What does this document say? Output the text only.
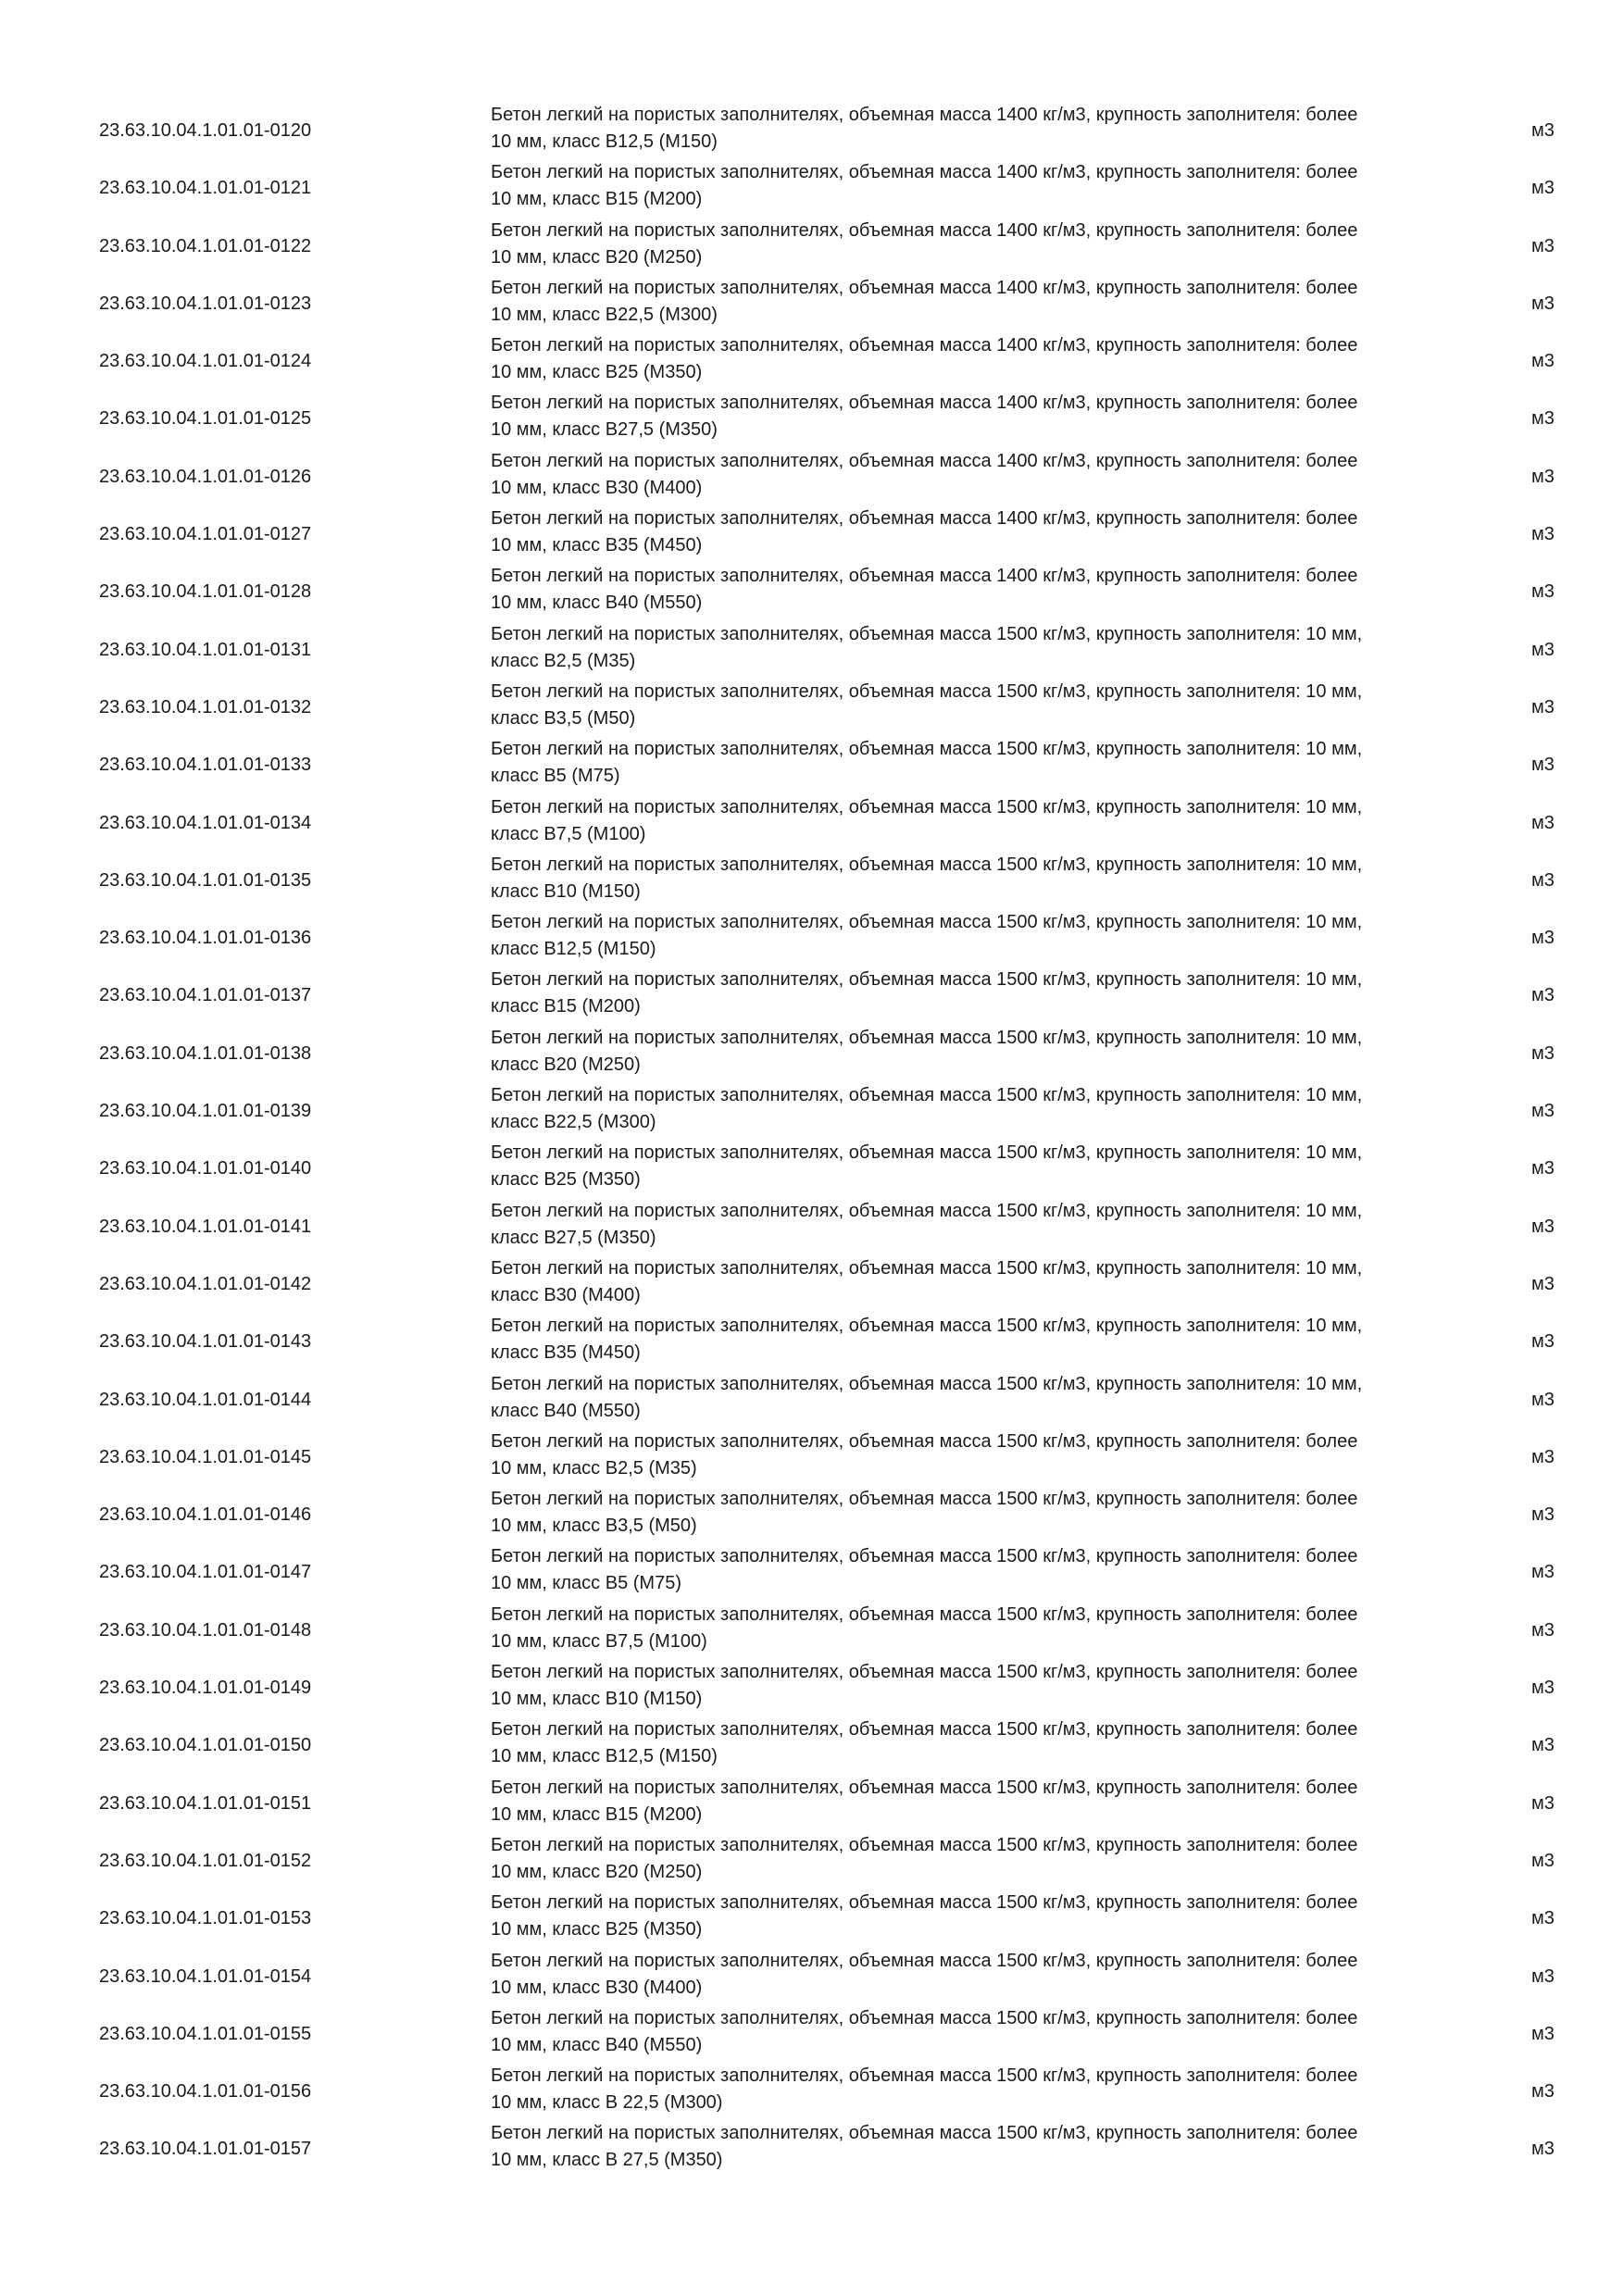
23.63.10.04.1.01.01-0120
Бетон легкий на пористых заполнителях, объемная масса 1400 кг/м3, крупность заполнителя: более
10 мм, класс В12,5 (М150)
м3
23.63.10.04.1.01.01-0121
Бетон легкий на пористых заполнителях, объемная масса 1400 кг/м3, крупность заполнителя: более
10 мм, класс В15 (М200)
м3
23.63.10.04.1.01.01-0122
Бетон легкий на пористых заполнителях, объемная масса 1400 кг/м3, крупность заполнителя: более
10 мм, класс В20 (М250)
м3
23.63.10.04.1.01.01-0123
Бетон легкий на пористых заполнителях, объемная масса 1400 кг/м3, крупность заполнителя: более
10 мм, класс В22,5 (М300)
м3
23.63.10.04.1.01.01-0124
Бетон легкий на пористых заполнителях, объемная масса 1400 кг/м3, крупность заполнителя: более
10 мм, класс В25 (М350)
м3
23.63.10.04.1.01.01-0125
Бетон легкий на пористых заполнителях, объемная масса 1400 кг/м3, крупность заполнителя: более
10 мм, класс В27,5 (М350)
м3
23.63.10.04.1.01.01-0126
Бетон легкий на пористых заполнителях, объемная масса 1400 кг/м3, крупность заполнителя: более
10 мм, класс В30 (М400)
м3
23.63.10.04.1.01.01-0127
Бетон легкий на пористых заполнителях, объемная масса 1400 кг/м3, крупность заполнителя: более
10 мм, класс В35 (М450)
м3
23.63.10.04.1.01.01-0128
Бетон легкий на пористых заполнителях, объемная масса 1400 кг/м3, крупность заполнителя: более
10 мм, класс В40 (М550)
м3
23.63.10.04.1.01.01-0131
Бетон легкий на пористых заполнителях, объемная масса 1500 кг/м3, крупность заполнителя: 10 мм,
класс В2,5 (М35)
м3
23.63.10.04.1.01.01-0132
Бетон легкий на пористых заполнителях, объемная масса 1500 кг/м3, крупность заполнителя: 10 мм,
класс В3,5 (М50)
м3
23.63.10.04.1.01.01-0133
Бетон легкий на пористых заполнителях, объемная масса 1500 кг/м3, крупность заполнителя: 10 мм,
класс В5 (М75)
м3
23.63.10.04.1.01.01-0134
Бетон легкий на пористых заполнителях, объемная масса 1500 кг/м3, крупность заполнителя: 10 мм,
класс В7,5 (М100)
м3
23.63.10.04.1.01.01-0135
Бетон легкий на пористых заполнителях, объемная масса 1500 кг/м3, крупность заполнителя: 10 мм,
класс В10 (М150)
м3
23.63.10.04.1.01.01-0136
Бетон легкий на пористых заполнителях, объемная масса 1500 кг/м3, крупность заполнителя: 10 мм,
класс В12,5 (М150)
м3
23.63.10.04.1.01.01-0137
Бетон легкий на пористых заполнителях, объемная масса 1500 кг/м3, крупность заполнителя: 10 мм,
класс В15 (М200)
м3
23.63.10.04.1.01.01-0138
Бетон легкий на пористых заполнителях, объемная масса 1500 кг/м3, крупность заполнителя: 10 мм,
класс В20 (М250)
м3
23.63.10.04.1.01.01-0139
Бетон легкий на пористых заполнителях, объемная масса 1500 кг/м3, крупность заполнителя: 10 мм,
класс В22,5 (М300)
м3
23.63.10.04.1.01.01-0140
Бетон легкий на пористых заполнителях, объемная масса 1500 кг/м3, крупность заполнителя: 10 мм,
класс В25 (М350)
м3
23.63.10.04.1.01.01-0141
Бетон легкий на пористых заполнителях, объемная масса 1500 кг/м3, крупность заполнителя: 10 мм,
класс В27,5 (М350)
м3
23.63.10.04.1.01.01-0142
Бетон легкий на пористых заполнителях, объемная масса 1500 кг/м3, крупность заполнителя: 10 мм,
класс В30 (М400)
м3
23.63.10.04.1.01.01-0143
Бетон легкий на пористых заполнителях, объемная масса 1500 кг/м3, крупность заполнителя: 10 мм,
класс В35 (М450)
м3
23.63.10.04.1.01.01-0144
Бетон легкий на пористых заполнителях, объемная масса 1500 кг/м3, крупность заполнителя: 10 мм,
класс В40 (М550)
м3
23.63.10.04.1.01.01-0145
Бетон легкий на пористых заполнителях, объемная масса 1500 кг/м3, крупность заполнителя: более
10 мм, класс В2,5 (М35)
м3
23.63.10.04.1.01.01-0146
Бетон легкий на пористых заполнителях, объемная масса 1500 кг/м3, крупность заполнителя: более
10 мм, класс В3,5 (М50)
м3
23.63.10.04.1.01.01-0147
Бетон легкий на пористых заполнителях, объемная масса 1500 кг/м3, крупность заполнителя: более
10 мм, класс В5 (М75)
м3
23.63.10.04.1.01.01-0148
Бетон легкий на пористых заполнителях, объемная масса 1500 кг/м3, крупность заполнителя: более
10 мм, класс В7,5 (М100)
м3
23.63.10.04.1.01.01-0149
Бетон легкий на пористых заполнителях, объемная масса 1500 кг/м3, крупность заполнителя: более
10 мм, класс В10 (М150)
м3
23.63.10.04.1.01.01-0150
Бетон легкий на пористых заполнителях, объемная масса 1500 кг/м3, крупность заполнителя: более
10 мм, класс В12,5 (М150)
м3
23.63.10.04.1.01.01-0151
Бетон легкий на пористых заполнителях, объемная масса 1500 кг/м3, крупность заполнителя: более
10 мм, класс В15 (М200)
м3
23.63.10.04.1.01.01-0152
Бетон легкий на пористых заполнителях, объемная масса 1500 кг/м3, крупность заполнителя: более
10 мм, класс В20 (М250)
м3
23.63.10.04.1.01.01-0153
Бетон легкий на пористых заполнителях, объемная масса 1500 кг/м3, крупность заполнителя: более
10 мм, класс В25 (М350)
м3
23.63.10.04.1.01.01-0154
Бетон легкий на пористых заполнителях, объемная масса 1500 кг/м3, крупность заполнителя: более
10 мм, класс В30 (М400)
м3
23.63.10.04.1.01.01-0155
Бетон легкий на пористых заполнителях, объемная масса 1500 кг/м3, крупность заполнителя: более
10 мм, класс В40 (М550)
м3
23.63.10.04.1.01.01-0156
Бетон легкий на пористых заполнителях, объемная масса 1500 кг/м3, крупность заполнителя: более
10 мм, класс В 22,5 (М300)
м3
23.63.10.04.1.01.01-0157
Бетон легкий на пористых заполнителях, объемная масса 1500 кг/м3, крупность заполнителя: более
10 мм, класс В 27,5 (М350)
м3
